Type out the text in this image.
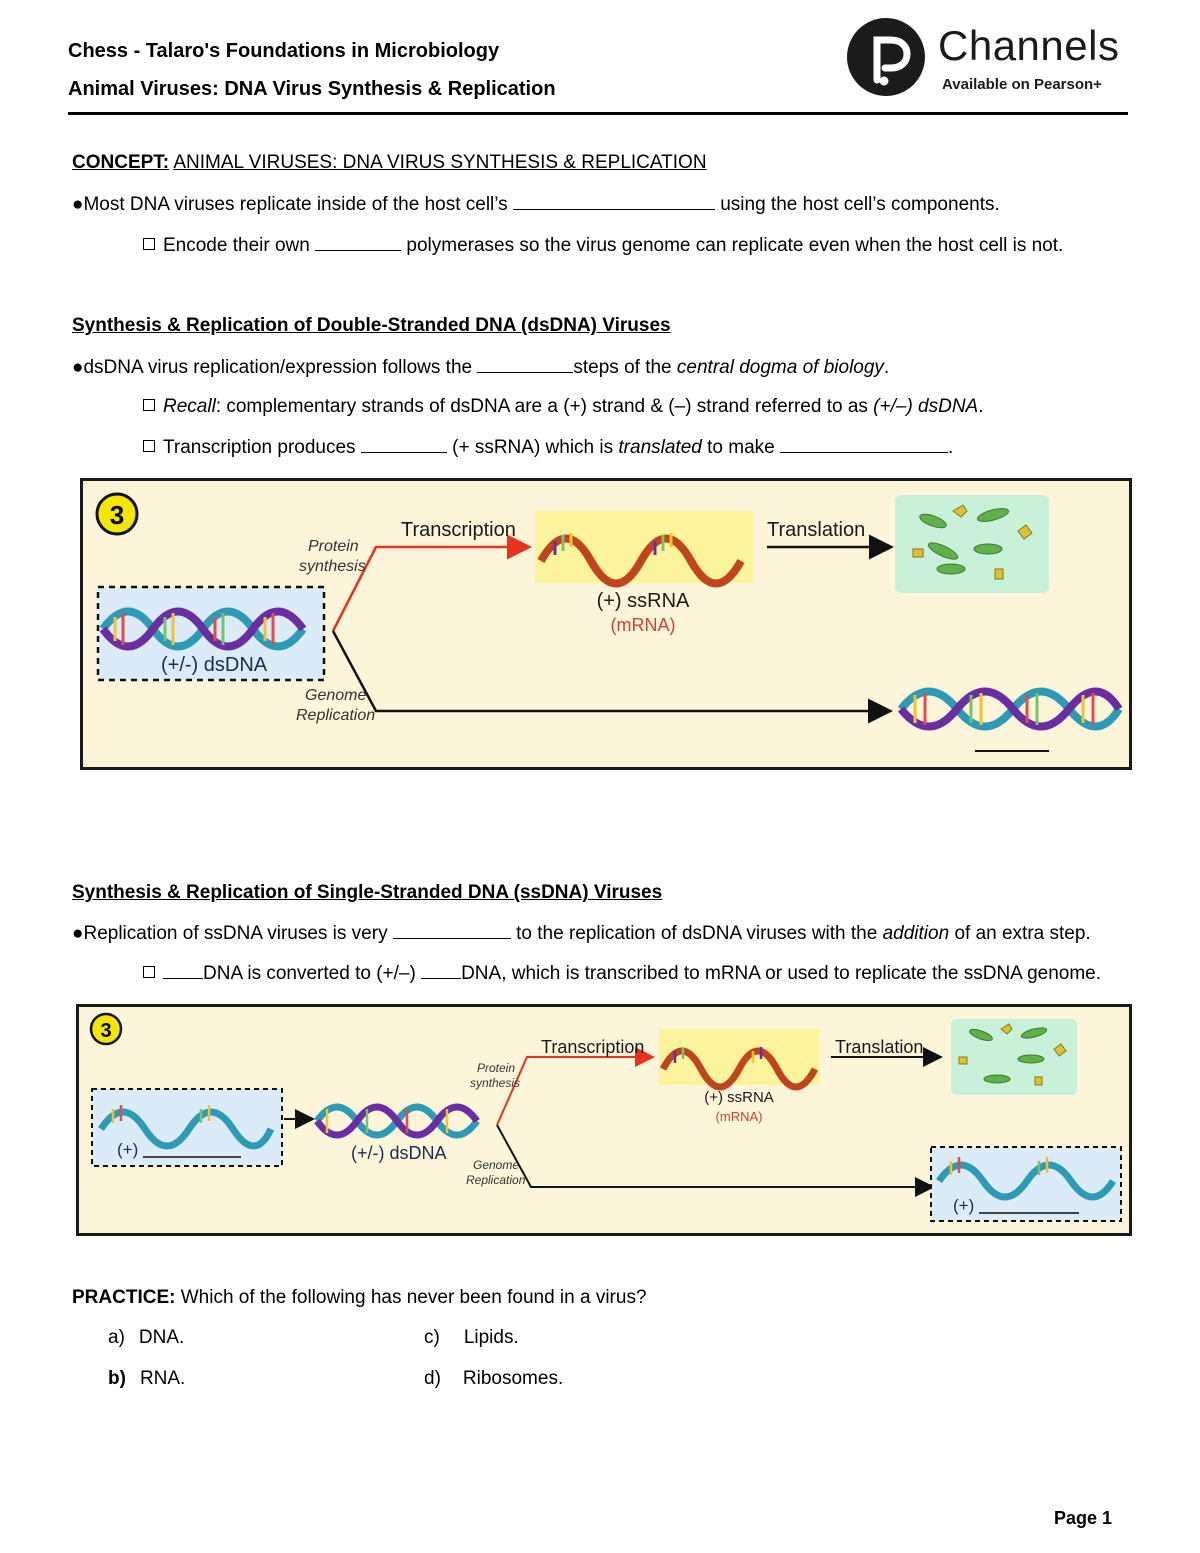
Chess - Talaro's Foundations in Microbiology
Animal Viruses: DNA Virus Synthesis & Replication
Channels
Available on Pearson+
CONCEPT: ANIMAL VIRUSES: DNA VIRUS SYNTHESIS & REPLICATION
●Most DNA viruses replicate inside of the host cell’s	using the host cell’s components.
Encode their own	polymerases so the virus genome can replicate even when the host cell is not.
Synthesis & Replication of Double-Stranded DNA (dsDNA) Viruses
●dsDNA virus replication/expression follows the	steps of the central dogma of biology.
Recall: complementary strands of dsDNA are a (+) strand & (–) strand referred to as (+/–) dsDNA.
Transcription produces	(+ ssRNA) which is translated to make	.
3
(+/-) dsDNA
Transcription
Protein
synthesis
Genome
Replication
(+) ssRNA
(mRNA)
Translation
Synthesis & Replication of Single-Stranded DNA (ssDNA) Viruses
●Replication of ssDNA viruses is very	to the replication of dsDNA viruses with the addition of an extra step.
DNA is converted to (+/–) DNA, which is transcribed to mRNA or used to replicate the ssDNA genome.
3
(+)	(+/-) dsDNA
Transcription
Protein
synthesis
Genome
Replication
(+) ssRNA
(mRNA)
Translation
(+)
PRACTICE: Which of the following has never been found in a virus?
a) DNA.
b) RNA.
c) Lipids.
d) Ribosomes.
Page 1
